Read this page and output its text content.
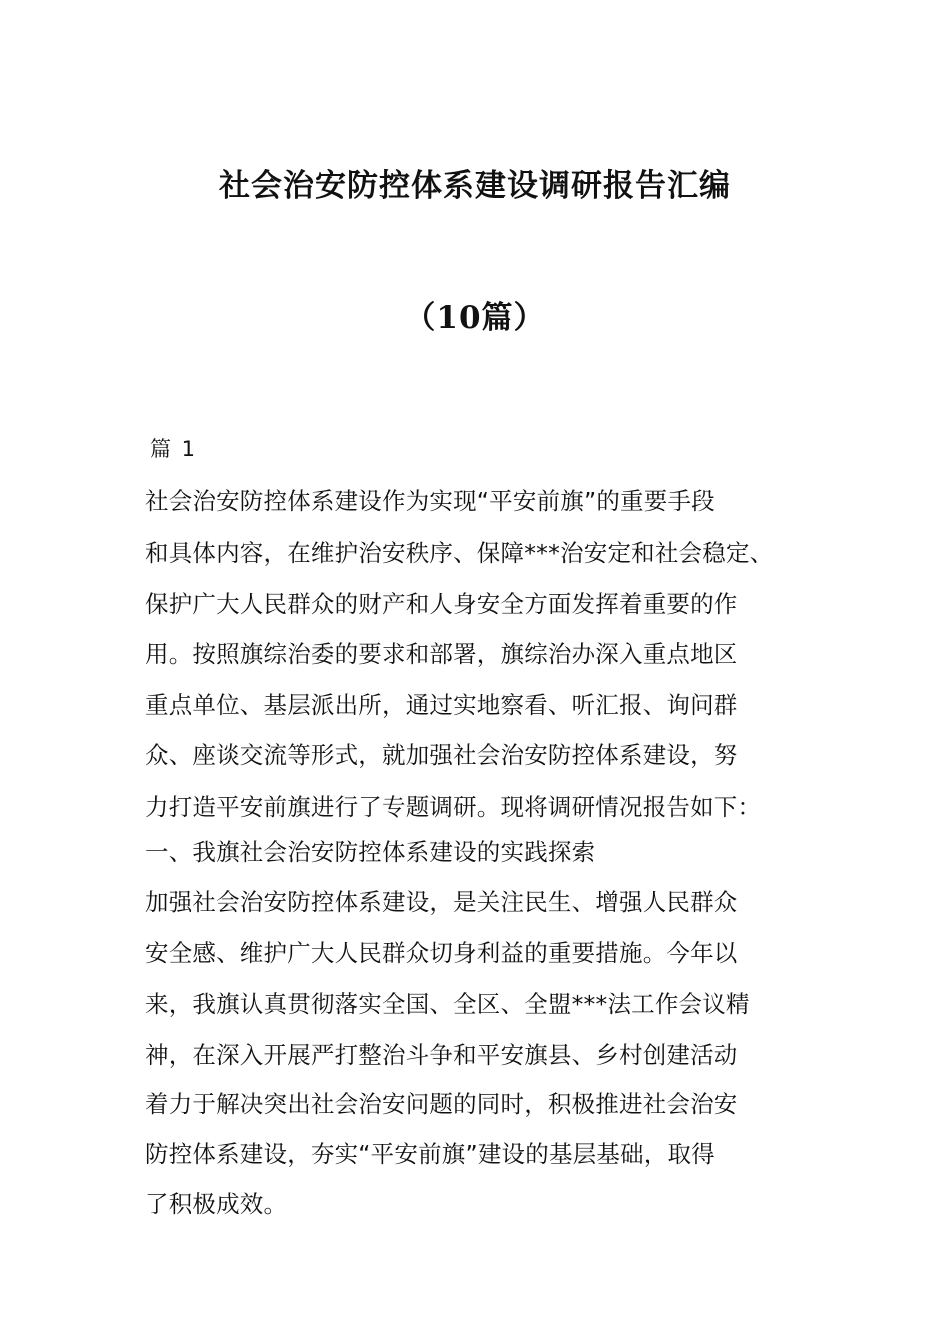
社会治安防控体系建设调研报告汇编
（10篇）
篇 1
社会治安防控体系建设作为实现“平安前旗”的重要手段
和具体内容，在维护治安秩序、保障***治安定和社会稳定、
保护广大人民群众的财产和人身安全方面发挥着重要的作
用。按照旗综治委的要求和部署，旗综治办深入重点地区
重点单位、基层派出所，通过实地察看、听汇报、询问群
众、座谈交流等形式，就加强社会治安防控体系建设，努
力打造平安前旗进行了专题调研。现将调研情况报告如下：
一、我旗社会治安防控体系建设的实践探索
加强社会治安防控体系建设，是关注民生、增强人民群众
安全感、维护广大人民群众切身利益的重要措施。今年以
来，我旗认真贯彻落实全国、全区、全盟***法工作会议精
神，在深入开展严打整治斗争和平安旗县、乡村创建活动
着力于解决突出社会治安问题的同时，积极推进社会治安
防控体系建设，夯实“平安前旗”建设的基层基础，取得
了积极成效。
